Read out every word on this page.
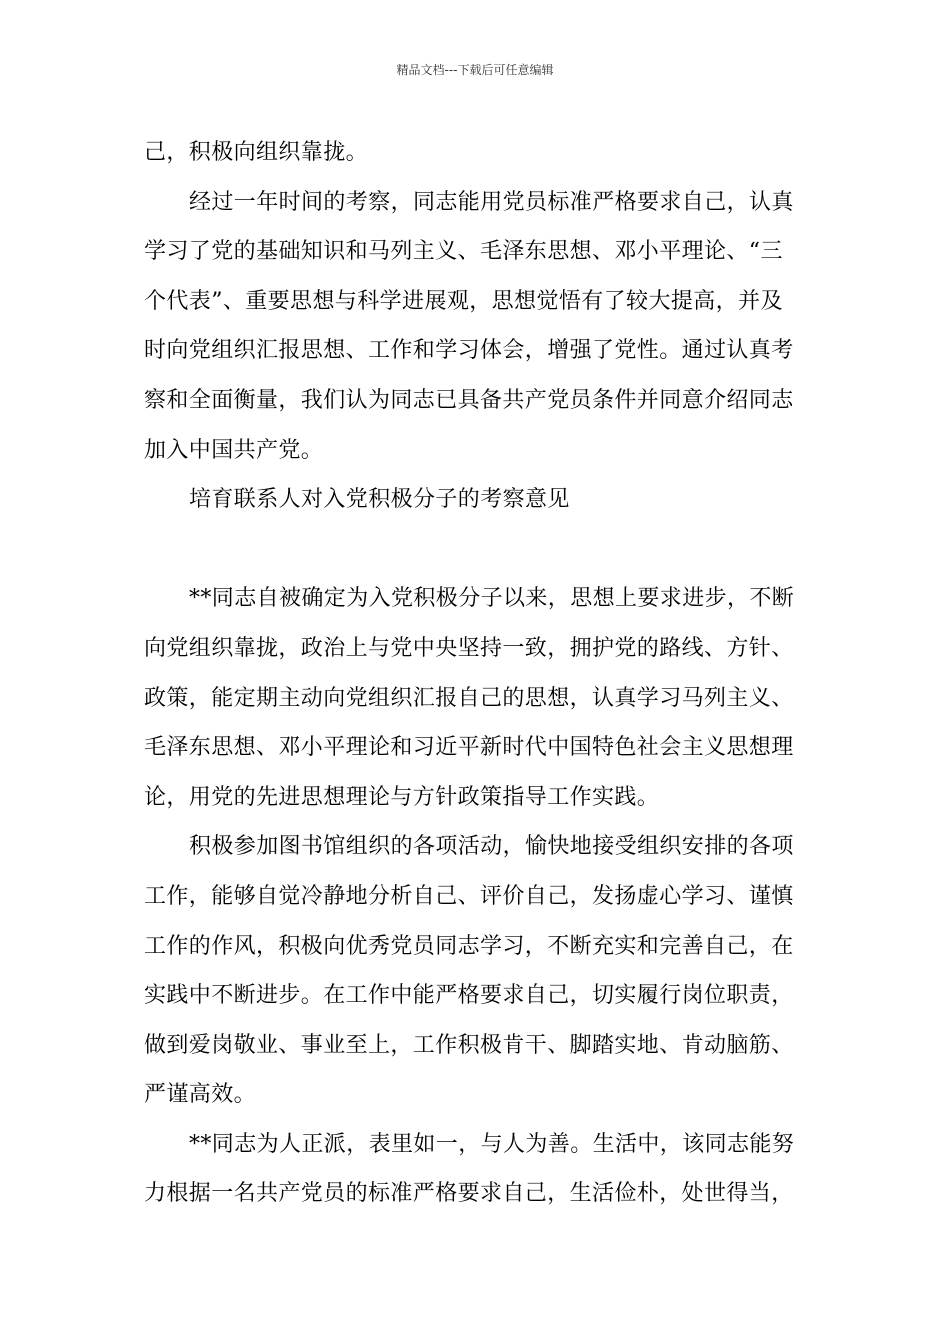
精品文档---下载后可任意编辑
己，积极向组织靠拢。
经过一年时间的考察，同志能用党员标准严格要求自己，认真
学习了党的基础知识和马列主义、毛泽东思想、邓小平理论、“三
个代表”、重要思想与科学进展观，思想觉悟有了较大提高，并及
时向党组织汇报思想、工作和学习体会，增强了党性。通过认真考
察和全面衡量，我们认为同志已具备共产党员条件并同意介绍同志
加入中国共产党。
培育联系人对入党积极分子的考察意见
**同志自被确定为入党积极分子以来，思想上要求进步，不断
向党组织靠拢，政治上与党中央坚持一致，拥护党的路线、方针、
政策，能定期主动向党组织汇报自己的思想，认真学习马列主义、
毛泽东思想、邓小平理论和习近平新时代中国特色社会主义思想理
论，用党的先进思想理论与方针政策指导工作实践。
积极参加图书馆组织的各项活动，愉快地接受组织安排的各项
工作，能够自觉冷静地分析自己、评价自己，发扬虚心学习、谨慎
工作的作风，积极向优秀党员同志学习，不断充实和完善自己，在
实践中不断进步。在工作中能严格要求自己，切实履行岗位职责，
做到爱岗敬业、事业至上，工作积极肯干、脚踏实地、肯动脑筋、
严谨高效。
**同志为人正派，表里如一，与人为善。生活中，该同志能努
力根据一名共产党员的标准严格要求自己，生活俭朴，处世得当，
